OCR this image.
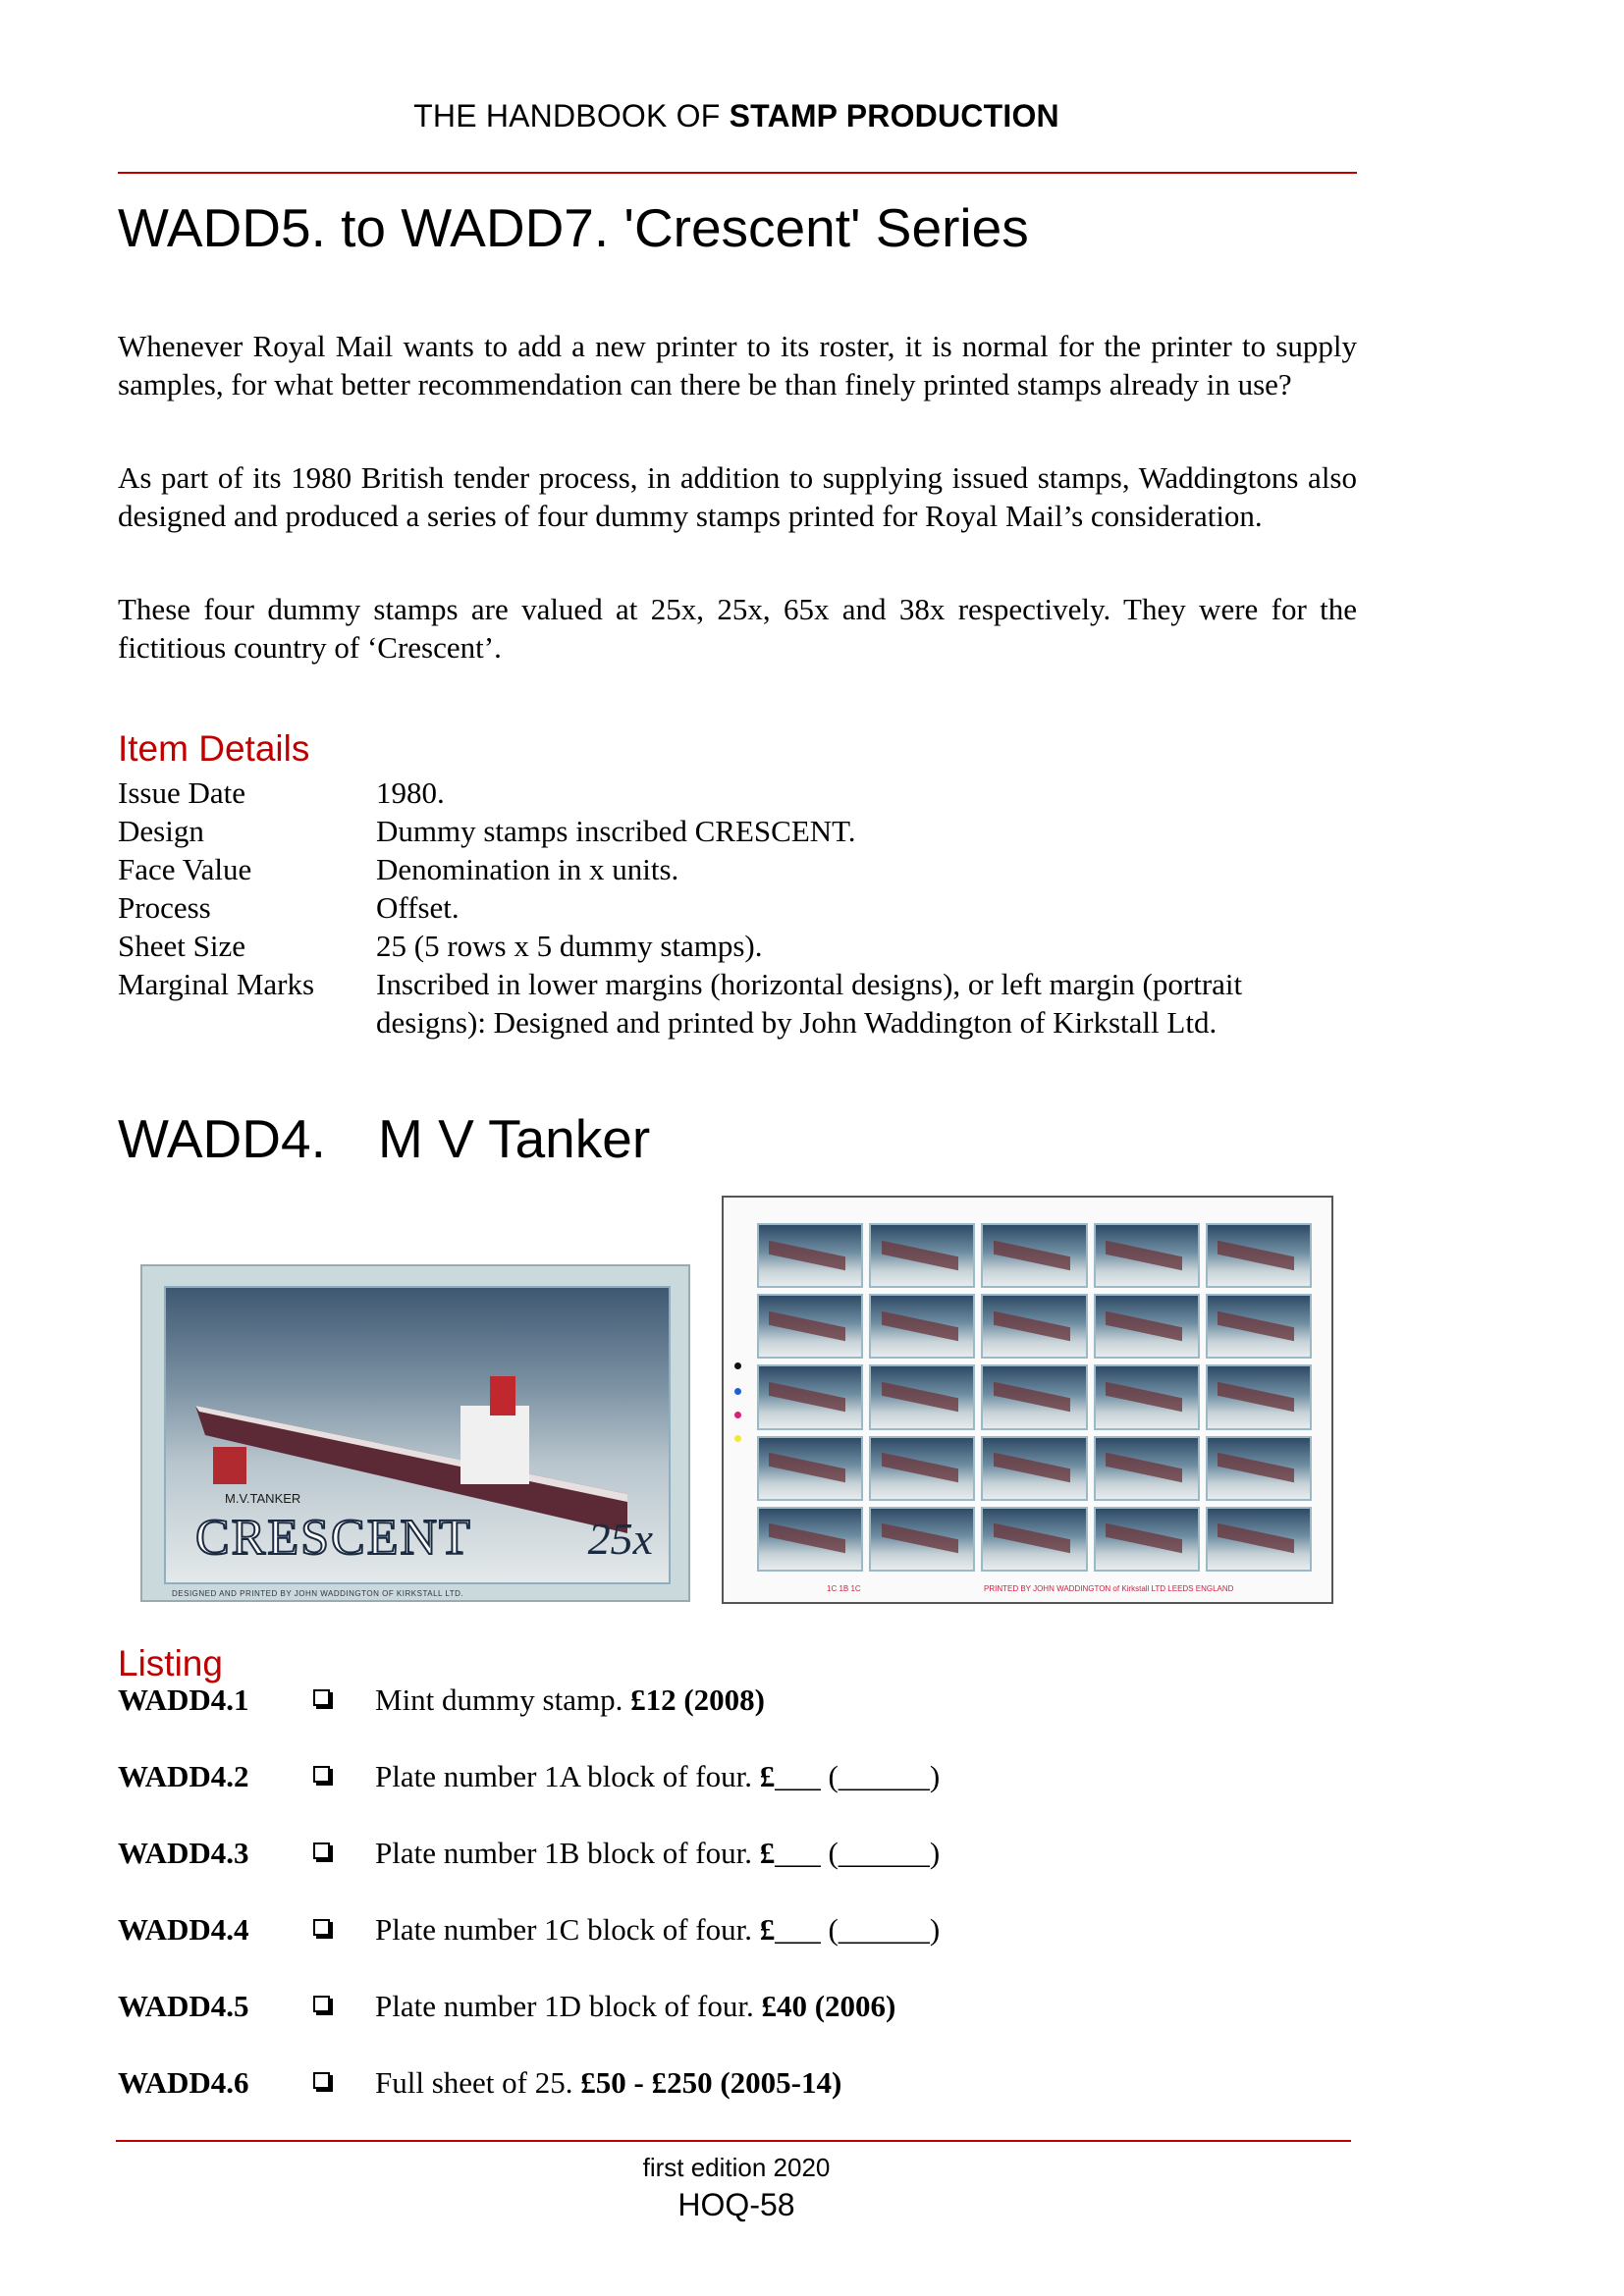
THE HANDBOOK OF STAMP PRODUCTION
WADD5. to WADD7. 'Crescent' Series

Whenever Royal Mail wants to add a new printer to its roster, it is normal for the printer to supply samples, for what better recommendation can there be than finely printed stamps already in use?

As part of its 1980 British tender process, in addition to supplying issued stamps, Waddingtons also designed and produced a series of four dummy stamps printed for Royal Mail’s consideration.

These four dummy stamps are valued at 25x, 25x, 65x and 38x respectively. They were for the fictitious country of ‘Crescent’.

Item Details
Issue Date	1980.
Design	Dummy stamps inscribed CRESCENT.
Face Value	Denomination in x units.
Process	Offset.
Sheet Size	25 (5 rows x 5 dummy stamps).
Marginal Marks	Inscribed in lower margins (horizontal designs), or left margin (portrait designs): Designed and printed by John Waddington of Kirkstall Ltd.
WADD4. M V Tanker
M.V.TANKER
CRESCENT	25x
DESIGNED AND PRINTED BY JOHN WADDINGTON OF KIRKSTALL LTD.
1C 1B 1C	PRINTED BY JOHN WADDINGTON of Kirkstall LTD LEEDS ENGLAND
Listing
WADD4.1	Mint dummy stamp. £12 (2008)
WADD4.2	Plate number 1A block of four. £___ (______)
WADD4.3	Plate number 1B block of four. £___ (______)
WADD4.4	Plate number 1C block of four. £___ (______)
WADD4.5	Plate number 1D block of four. £40 (2006)
WADD4.6	Full sheet of 25. £50 - £250 (2005-14)
first edition 2020
HOQ-58
